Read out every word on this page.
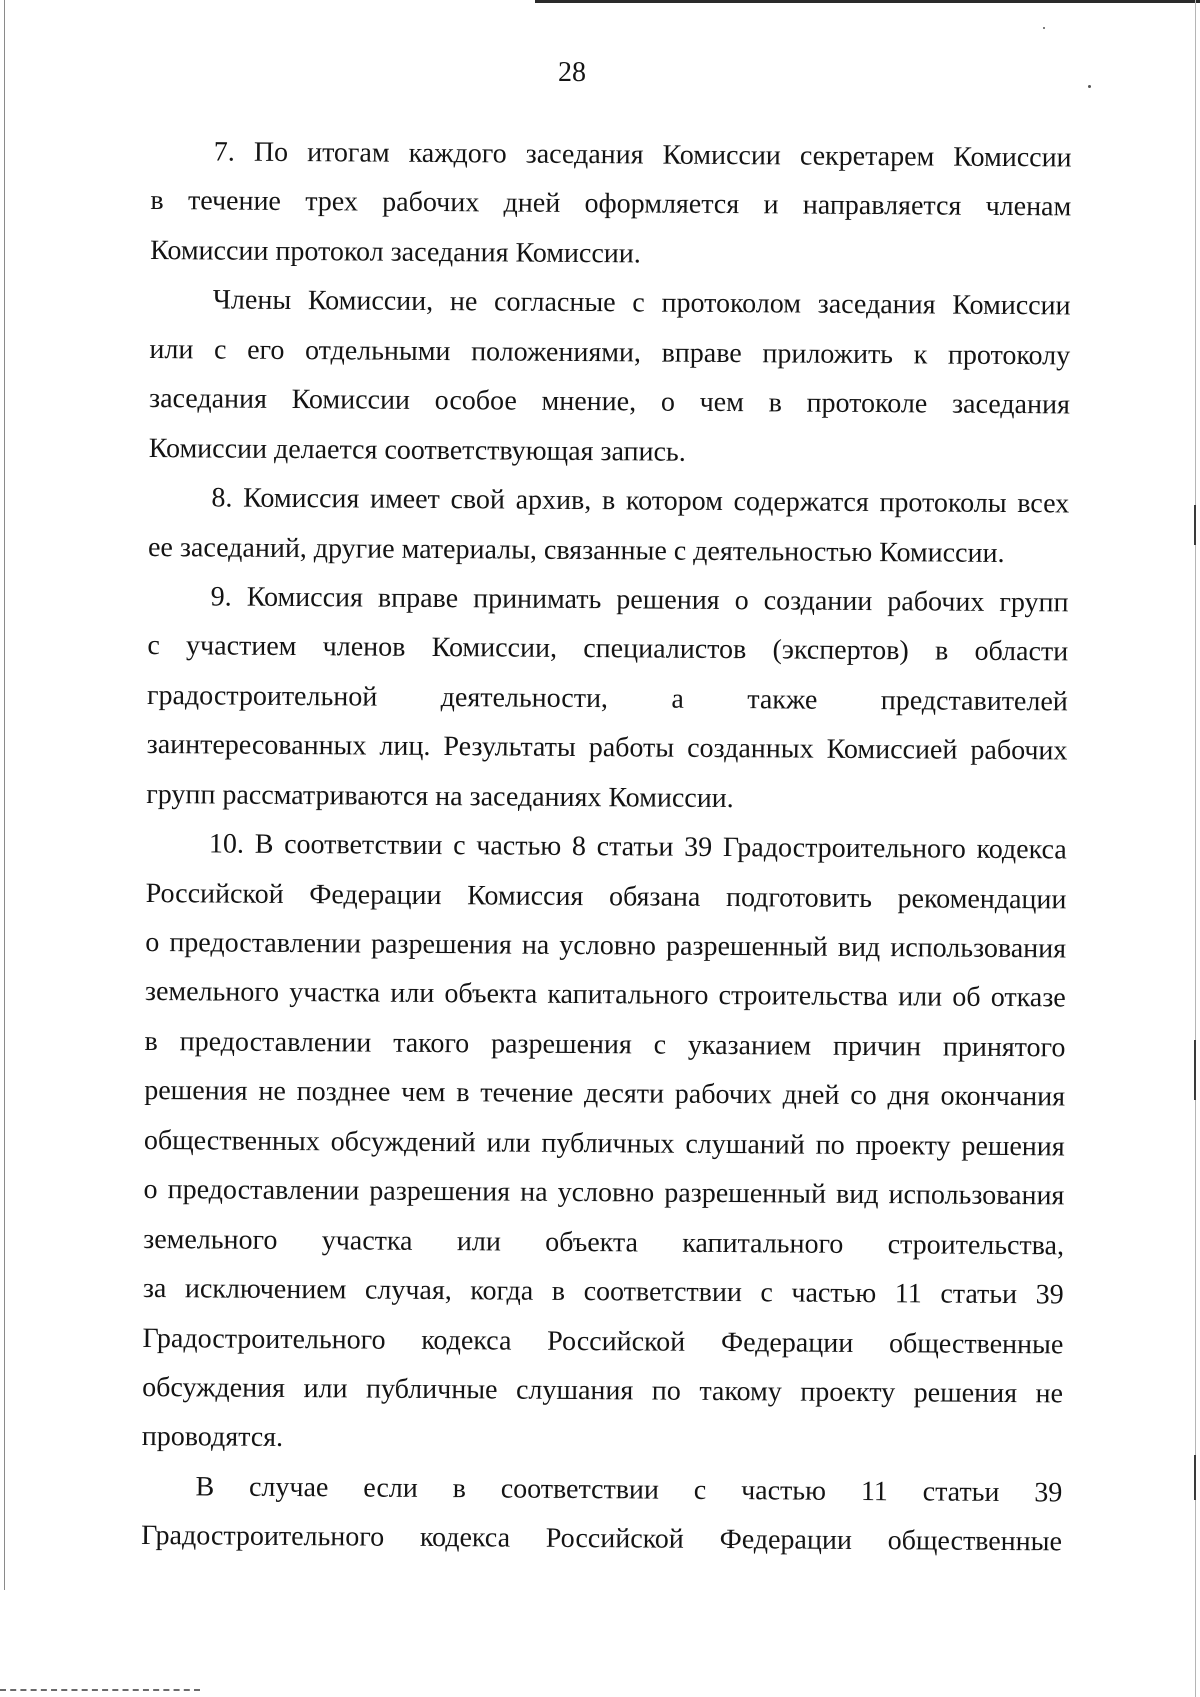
28
7. По итогам каждого заседания Комиссии секретарем Комиссии
в течение трех рабочих дней оформляется и направляется членам
Комиссии протокол заседания Комиссии.
Члены Комиссии, не согласные с протоколом заседания Комиссии
или с его отдельными положениями, вправе приложить к протоколу
заседания Комиссии особое мнение, о чем в протоколе заседания
Комиссии делается соответствующая запись.
8. Комиссия имеет свой архив, в котором содержатся протоколы всех
ее заседаний, другие материалы, связанные с деятельностью Комиссии.
9. Комиссия вправе принимать решения о создании рабочих групп
с участием членов Комиссии, специалистов (экспертов) в области
градостроительной деятельности, а также представителей
заинтересованных лиц. Результаты работы созданных Комиссией рабочих
групп рассматриваются на заседаниях Комиссии.
10. В соответствии с частью 8 статьи 39 Градостроительного кодекса
Российской Федерации Комиссия обязана подготовить рекомендации
о предоставлении разрешения на условно разрешенный вид использования
земельного участка или объекта капитального строительства или об отказе
в предоставлении такого разрешения с указанием причин принятого
решения не позднее чем в течение десяти рабочих дней со дня окончания
общественных обсуждений или публичных слушаний по проекту решения
о предоставлении разрешения на условно разрешенный вид использования
земельного участка или объекта капитального строительства,
за исключением случая, когда в соответствии с частью 11 статьи 39
Градостроительного кодекса Российской Федерации общественные
обсуждения или публичные слушания по такому проекту решения не
проводятся.
В случае если в соответствии с частью 11 статьи 39
Градостроительного кодекса Российской Федерации общественные
